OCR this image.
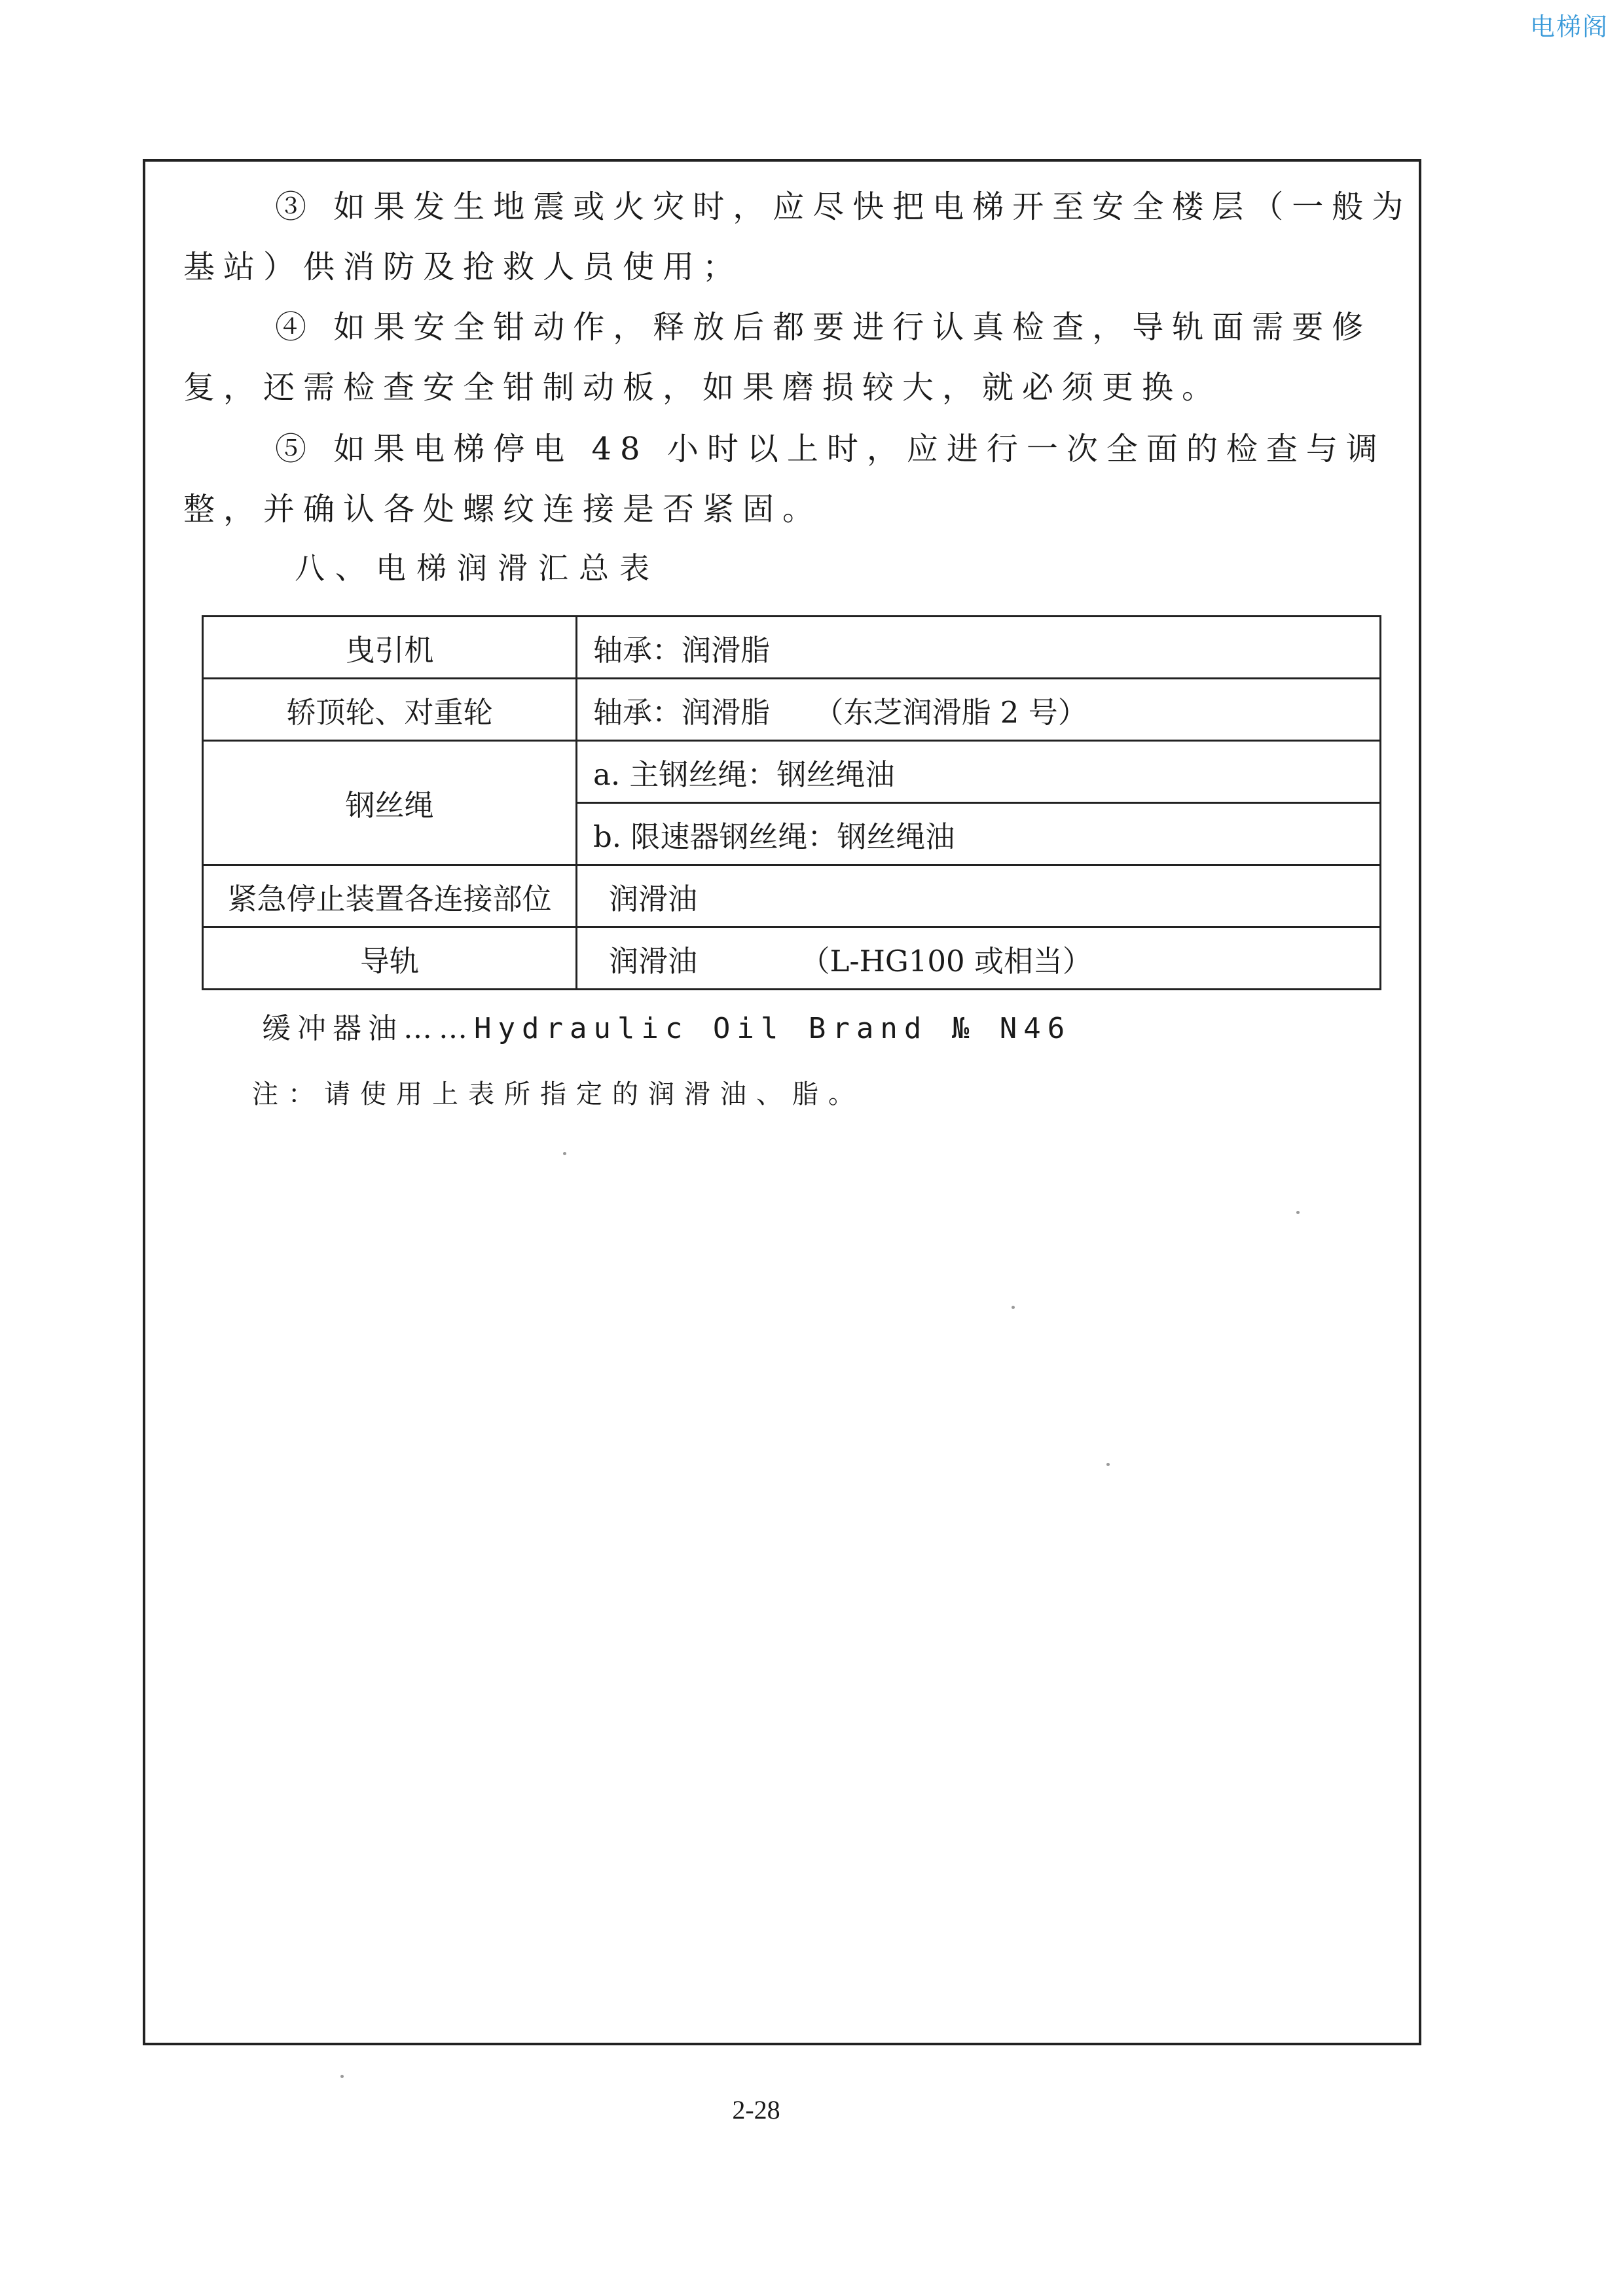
电梯阁

③ 如果发生地震或火灾时，应尽快把电梯开至安全楼层（一般为基站）供消防及抢救人员使用；

④ 如果安全钳动作，释放后都要进行认真检查，导轨面需要修复，还需检查安全钳制动板，如果磨损较大，就必须更换。

⑤ 如果电梯停电 48 小时以上时，应进行一次全面的检查与调整，并确认各处螺纹连接是否紧固。

八、电梯润滑汇总表

曳引机	轴承：润滑脂
轿顶轮、对重轮	轴承：润滑脂　　（东芝润滑脂 2 号）
钢丝绳	a. 主钢丝绳：钢丝绳油
	b. 限速器钢丝绳：钢丝绳油
紧急停止装置各连接部位	润滑油
导轨	润滑油　　　　（L-HG100 或相当）

缓冲器油……Hydraulic Oil Brand № N46

注：请使用上表所指定的润滑油、脂。

2-28
